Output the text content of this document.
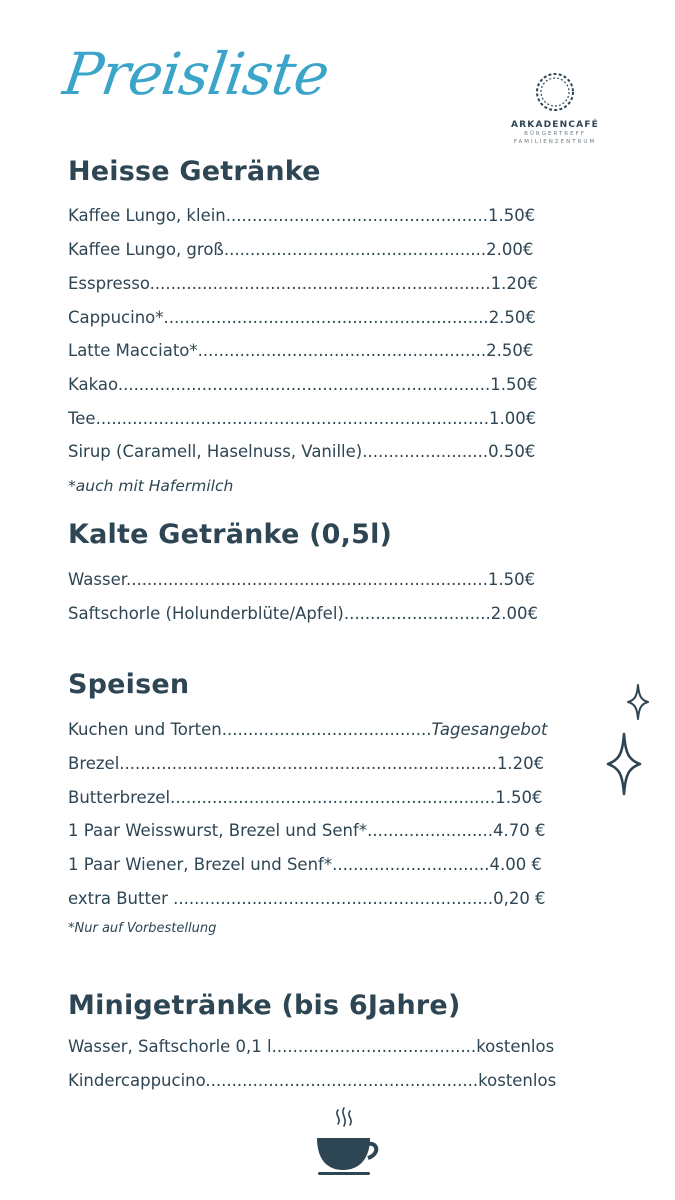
Preisliste
ARKADENCAFÉ
BÜRGERTREFF
FAMILIENZENTRUM
Heisse Getränke
Kaffee Lungo, klein..................................................1.50€
Kaffee Lungo, groß..................................................2.00€
Esspresso.................................................................1.20€
Cappucino*..............................................................2.50€
Latte Macciato*.......................................................2.50€
Kakao.......................................................................1.50€
Tee...........................................................................1.00€
Sirup (Caramell, Haselnuss, Vanille)........................0.50€
*auch mit Hafermilch
Kalte Getränke (0,5l)
Wasser.....................................................................1.50€
Saftschorle (Holunderblüte/Apfel)............................2.00€
Speisen
Kuchen und Torten........................................Tagesangebot
Brezel........................................................................1.20€
Butterbrezel..............................................................1.50€
1 Paar Weisswurst, Brezel und Senf*........................4.70 €
1 Paar Wiener, Brezel und Senf*..............................4.00 €
extra Butter .............................................................0,20 €
*Nur auf Vorbestellung
Minigetränke (bis 6Jahre)
Wasser, Saftschorle 0,1 l.......................................kostenlos
Kindercappucino....................................................kostenlos
